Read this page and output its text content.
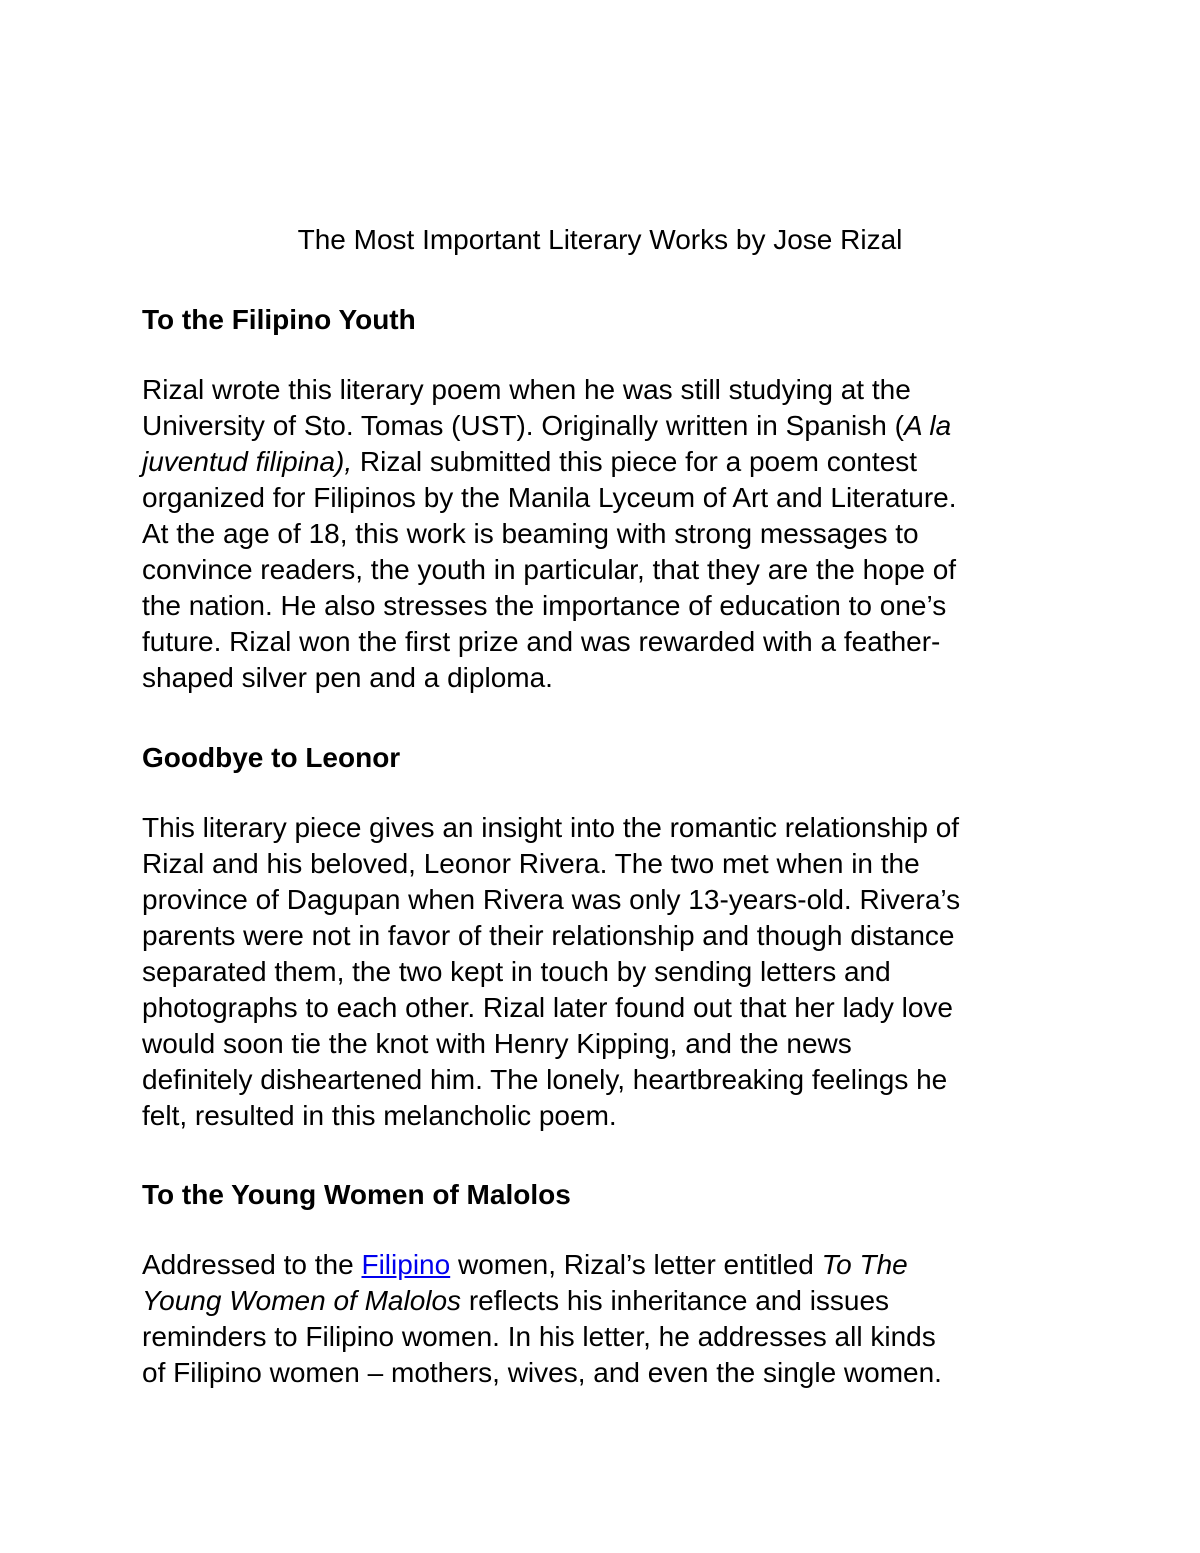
The Most Important Literary Works by Jose Rizal
To the Filipino Youth
Rizal wrote this literary poem when he was still studying at the
University of Sto. Tomas (UST). Originally written in Spanish (A la
juventud filipina), Rizal submitted this piece for a poem contest
organized for Filipinos by the Manila Lyceum of Art and Literature.
At the age of 18, this work is beaming with strong messages to
convince readers, the youth in particular, that they are the hope of
the nation. He also stresses the importance of education to one’s
future. Rizal won the first prize and was rewarded with a feather-
shaped silver pen and a diploma.
Goodbye to Leonor
This literary piece gives an insight into the romantic relationship of
Rizal and his beloved, Leonor Rivera. The two met when in the
province of Dagupan when Rivera was only 13-years-old. Rivera’s
parents were not in favor of their relationship and though distance
separated them, the two kept in touch by sending letters and
photographs to each other. Rizal later found out that her lady love
would soon tie the knot with Henry Kipping, and the news
definitely disheartened him. The lonely, heartbreaking feelings he
felt, resulted in this melancholic poem.
To the Young Women of Malolos
Addressed to the Filipino women, Rizal’s letter entitled To The
Young Women of Malolos reflects his inheritance and issues
reminders to Filipino women. In his letter, he addresses all kinds
of Filipino women – mothers, wives, and even the single women.
